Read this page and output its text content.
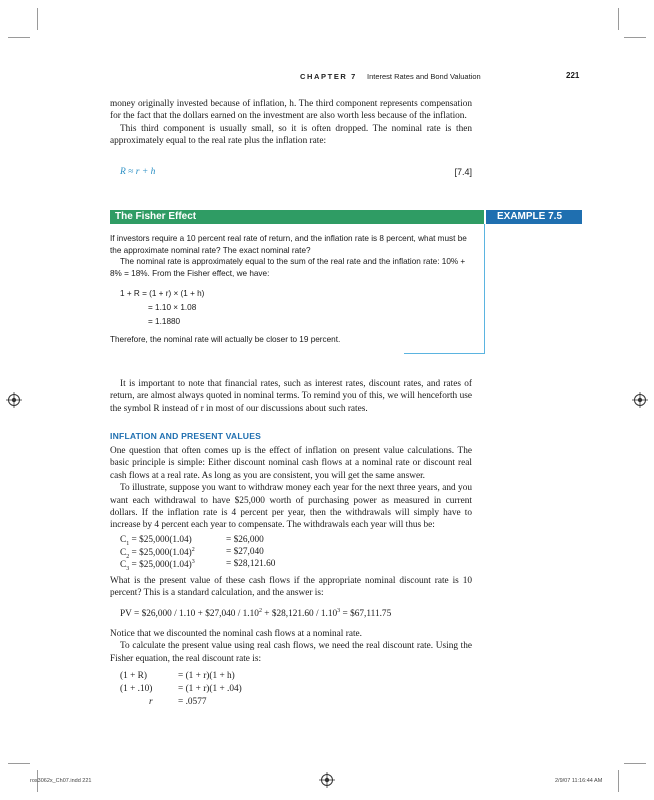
CHAPTER 7 Interest Rates and Bond Valuation	221

money originally invested because of inflation, h. The third component represents compensation for the fact that the dollars earned on the investment are also worth less because of the inflation.

This third component is usually small, so it is often dropped. The nominal rate is then approximately equal to the real rate plus the inflation rate:

R ≈ r + h	[7.4]
The Fisher Effect	EXAMPLE 7.5

If investors require a 10 percent real rate of return, and the inflation rate is 8 percent, what must be the approximate nominal rate? The exact nominal rate?

The nominal rate is approximately equal to the sum of the real rate and the inflation rate: 10% + 8% = 18%. From the Fisher effect, we have:

1 + R = (1 + r) × (1 + h)
= 1.10 × 1.08
= 1.1880

Therefore, the nominal rate will actually be closer to 19 percent.

It is important to note that financial rates, such as interest rates, discount rates, and rates of return, are almost always quoted in nominal terms. To remind you of this, we will henceforth use the symbol R instead of r in most of our discussions about such rates.

INFLATION AND PRESENT VALUES

One question that often comes up is the effect of inflation on present value calculations. The basic principle is simple: Either discount nominal cash flows at a nominal rate or discount real cash flows at a real rate. As long as you are consistent, you will get the same answer.

To illustrate, suppose you want to withdraw money each year for the next three years, and you want each withdrawal to have $25,000 worth of purchasing power as measured in current dollars. If the inflation rate is 4 percent per year, then the withdrawals will simply have to increase by 4 percent each year to compensate. The withdrawals each year will thus be:

$C_1$ = $25,000(1.04)	= $26,000
$C_2$ = $\$25,000(1.04)^2$	= $27,040
$C_3$ = $\$25,000(1.04)^3$	= $28,121.60

What is the present value of these cash flows if the appropriate nominal discount rate is 10 percent? This is a standard calculation, and the answer is:

PV = $26,000 / 1.10 + $27,040 / $1.10^2$ + $28,121.60 / $1.10^3$ = $67,111.75

Notice that we discounted the nominal cash flows at a nominal rate.

To calculate the present value using real cash flows, we need the real discount rate. Using the Fisher equation, the real discount rate is:

(1 + R)	= (1 + r)(1 + h)
(1 + .10)	= (1 + r)(1 + .04)
r	= .0577
ros3062x_Ch07.indd 221	2/9/07 11:16:44 AM
